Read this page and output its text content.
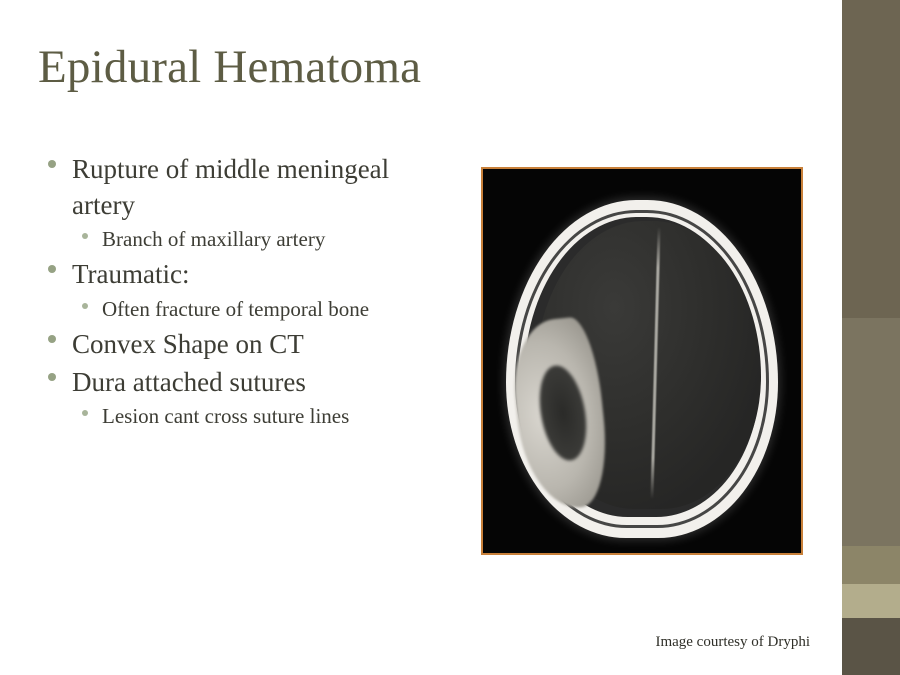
Epidural Hematoma
Rupture of middle meningeal artery
Branch of maxillary artery
Traumatic:
Often fracture of temporal bone
Convex Shape on CT
Dura attached sutures
Lesion cant cross suture lines
Image courtesy of Dryphi
